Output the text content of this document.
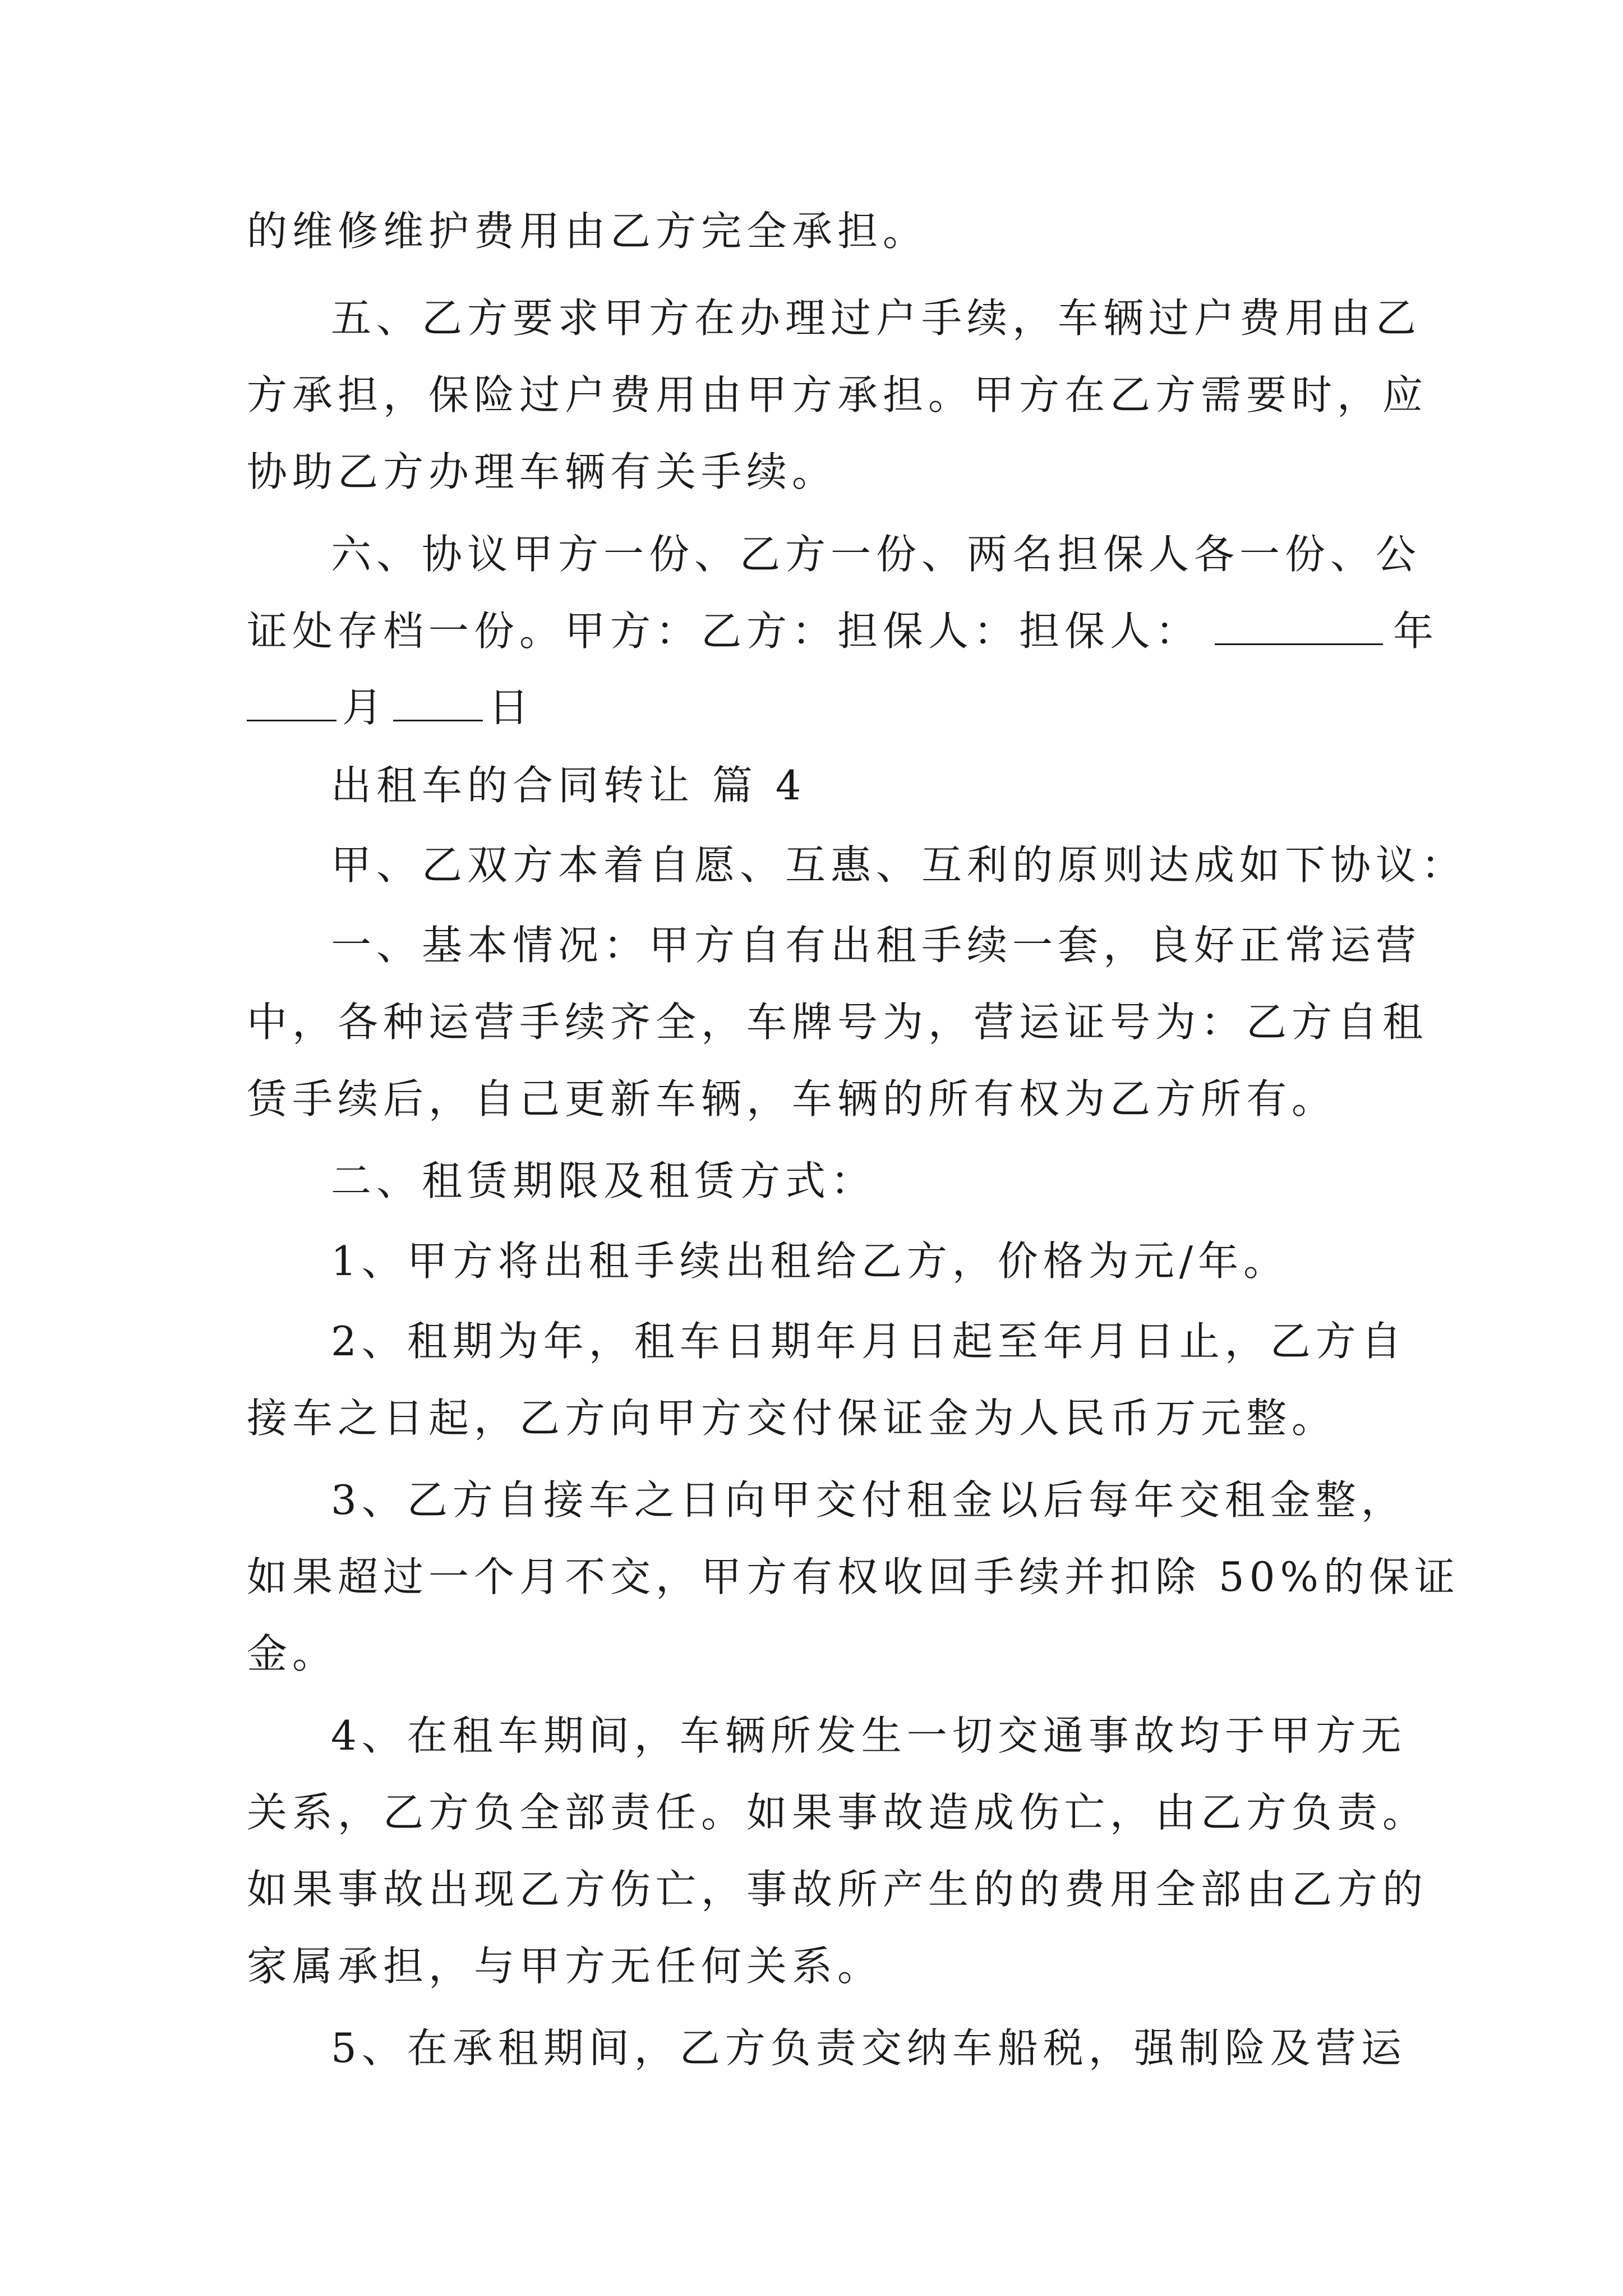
的维修维护费用由乙方完全承担。
五、乙方要求甲方在办理过户手续，车辆过户费用由乙
方承担，保险过户费用由甲方承担。甲方在乙方需要时，应
协助乙方办理车辆有关手续。
六、协议甲方一份、乙方一份、两名担保人各一份、公
证处存档一份。甲方：乙方：担保人：担保人：	年
月	日
出租车的合同转让 篇 4
甲、乙双方本着自愿、互惠、互利的原则达成如下协议：
一、基本情况：甲方自有出租手续一套，良好正常运营
中，各种运营手续齐全，车牌号为，营运证号为：乙方自租
赁手续后，自己更新车辆，车辆的所有权为乙方所有。
二、租赁期限及租赁方式：
1、甲方将出租手续出租给乙方，价格为元/年。
2、租期为年，租车日期年月日起至年月日止，乙方自
接车之日起，乙方向甲方交付保证金为人民币万元整。
3、乙方自接车之日向甲交付租金以后每年交租金整，
如果超过一个月不交，甲方有权收回手续并扣除 50%的保证
金。
4、在租车期间，车辆所发生一切交通事故均于甲方无
关系，乙方负全部责任。如果事故造成伤亡，由乙方负责。
如果事故出现乙方伤亡，事故所产生的的费用全部由乙方的
家属承担，与甲方无任何关系。
5、在承租期间，乙方负责交纳车船税，强制险及营运
